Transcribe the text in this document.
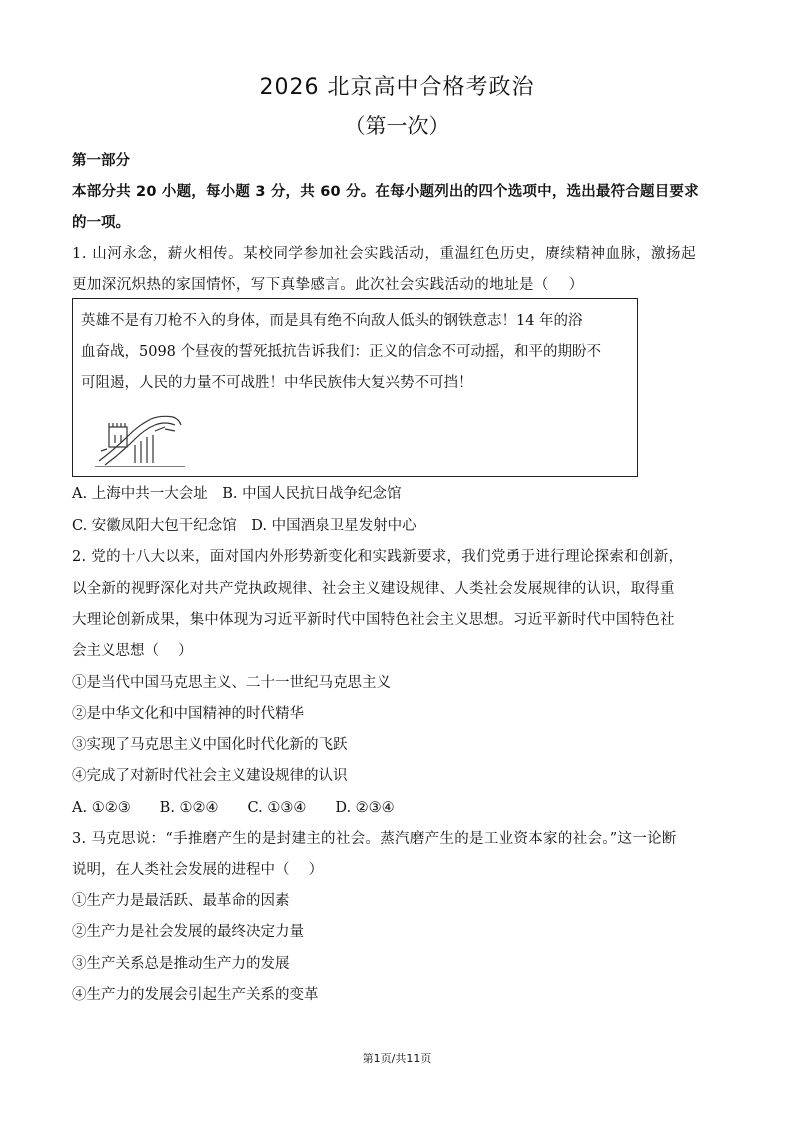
2026 北京高中合格考政治
（第一次）
第一部分
本部分共 20 小题，每小题 3 分，共 60 分。在每小题列出的四个选项中，选出最符合题目要求
的一项。
1. 山河永念，薪火相传。某校同学参加社会实践活动，重温红色历史，赓续精神血脉，激扬起
更加深沉炽热的家国情怀，写下真挚感言。此次社会实践活动的地址是（　 ）
英雄不是有刀枪不入的身体，而是具有绝不向敌人低头的钢铁意志！14 年的浴
血奋战，5098 个昼夜的誓死抵抗告诉我们：正义的信念不可动摇，和平的期盼不
可阻遏，人民的力量不可战胜！中华民族伟大复兴势不可挡！
A. 上海中共一大会址　B. 中国人民抗日战争纪念馆
C. 安徽凤阳大包干纪念馆　D. 中国酒泉卫星发射中心
2. 党的十八大以来，面对国内外形势新变化和实践新要求，我们党勇于进行理论探索和创新，
以全新的视野深化对共产党执政规律、社会主义建设规律、人类社会发展规律的认识，取得重
大理论创新成果，集中体现为习近平新时代中国特色社会主义思想。习近平新时代中国特色社
会主义思想（　 ）
①是当代中国马克思主义、二十一世纪马克思主义
②是中华文化和中国精神的时代精华
③实现了马克思主义中国化时代化新的飞跃
④完成了对新时代社会主义建设规律的认识
A. ①②③　　B. ①②④　　C. ①③④　　D. ②③④
3. 马克思说：“手推磨产生的是封建主的社会。蒸汽磨产生的是工业资本家的社会。”这一论断
说明，在人类社会发展的进程中（　 ）
①生产力是最活跃、最革命的因素
②生产力是社会发展的最终决定力量
③生产关系总是推动生产力的发展
④生产力的发展会引起生产关系的变革
第1页/共11页
